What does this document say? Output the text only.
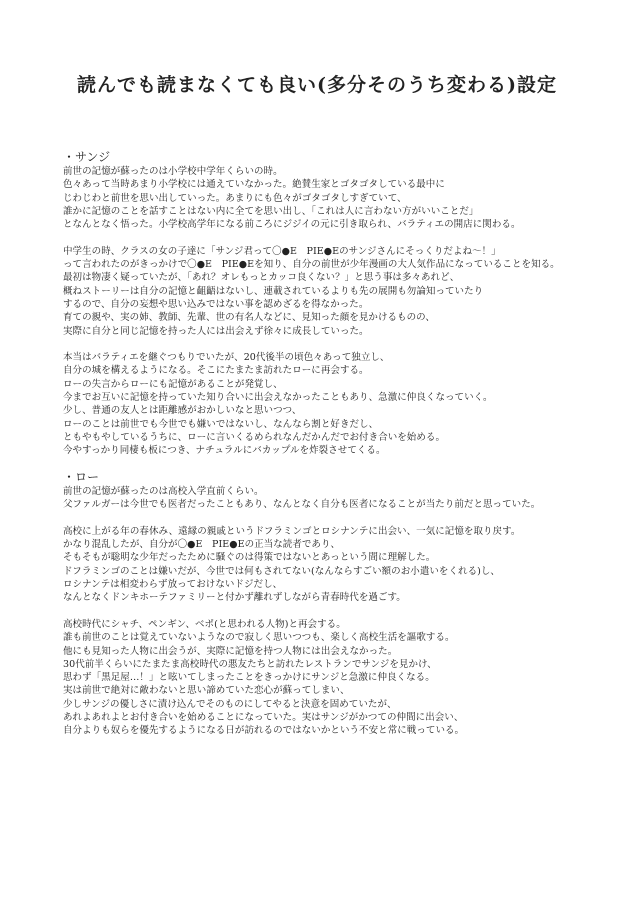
読んでも読まなくても良い(多分そのうち変わる)設定
・サンジ
前世の記憶が蘇ったのは小学校中学年くらいの時。
色々あって当時あまり小学校には通えていなかった。絶賛生家とゴタゴタしている最中に
じわじわと前世を思い出していった。あまりにも色々がゴタゴタしすぎていて、
誰かに記憶のことを話すことはない内に全てを思い出し、「これは人に言わない方がいいことだ」
となんとなく悟った。小学校高学年になる前ころにジジイの元に引き取られ、バラティエの開店に関わる。
中学生の時、クラスの女の子達に「サンジ君って〇●E　PIE●Eのサンジさんにそっくりだよね〜！」
って言われたのがきっかけで〇●E　PIE●Eを知り、自分の前世が少年漫画の大人気作品になっていることを知る。
最初は物凄く疑っていたが、「あれ？オレもっとカッコ良くない？」と思う事は多々あれど、
概ねストーリーは自分の記憶と齟齬はないし、連載されているよりも先の展開も勿論知っていたり
するので、自分の妄想や思い込みではない事を認めざるを得なかった。
育ての親や、実の姉、教師、先輩、世の有名人などに、見知った顔を見かけるものの、
実際に自分と同じ記憶を持った人には出会えず徐々に成長していった。
本当はバラティエを継ぐつもりでいたが、20代後半の頃色々あって独立し、
自分の城を構えるようになる。そこにたまたま訪れたローに再会する。
ローの失言からローにも記憶があることが発覚し、
今までお互いに記憶を持っていた知り合いに出会えなかったこともあり、急激に仲良くなっていく。
少し、普通の友人とは距離感がおかしいなと思いつつ、
ローのことは前世でも今世でも嫌いではないし、なんなら割と好きだし、
ともやもやしているうちに、ローに言いくるめられなんだかんだでお付き合いを始める。
今やすっかり同棲も板につき、ナチュラルにバカップルを炸裂させてくる。
・ロー
前世の記憶が蘇ったのは高校入学直前くらい。
父ファルガーは今世でも医者だったこともあり、なんとなく自分も医者になることが当たり前だと思っていた。
高校に上がる年の春休み、遠縁の親戚というドフラミンゴとロシナンテに出会い、一気に記憶を取り戻す。
かなり混乱したが、自分が〇●E　PIE●Eの正当な読者であり、
そもそもが聡明な少年だったために騒ぐのは得策ではないとあっという間に理解した。
ドフラミンゴのことは嫌いだが、今世では何もされてない(なんならすごい額のお小遣いをくれる)し、
ロシナンテは相変わらず放っておけないドジだし、
なんとなくドンキホーテファミリーと付かず離れずしながら青春時代を過ごす。
高校時代にシャチ、ペンギン、ベポ(と思われる人物)と再会する。
誰も前世のことは覚えていないようなので寂しく思いつつも、楽しく高校生活を謳歌する。
他にも見知った人物に出会うが、実際に記憶を持つ人物には出会えなかった。
30代前半くらいにたまたま高校時代の悪友たちと訪れたレストランでサンジを見かけ、
思わず「黒足屋…！」と呟いてしまったことをきっかけにサンジと急激に仲良くなる。
実は前世で絶対に敵わないと思い諦めていた恋心が蘇ってしまい、
少しサンジの優しさに漬け込んでそのものにしてやると決意を固めていたが、
あれよあれよとお付き合いを始めることになっていた。実はサンジがかつての仲間に出会い、
自分よりも奴らを優先するようになる日が訪れるのではないかという不安と常に戦っている。
